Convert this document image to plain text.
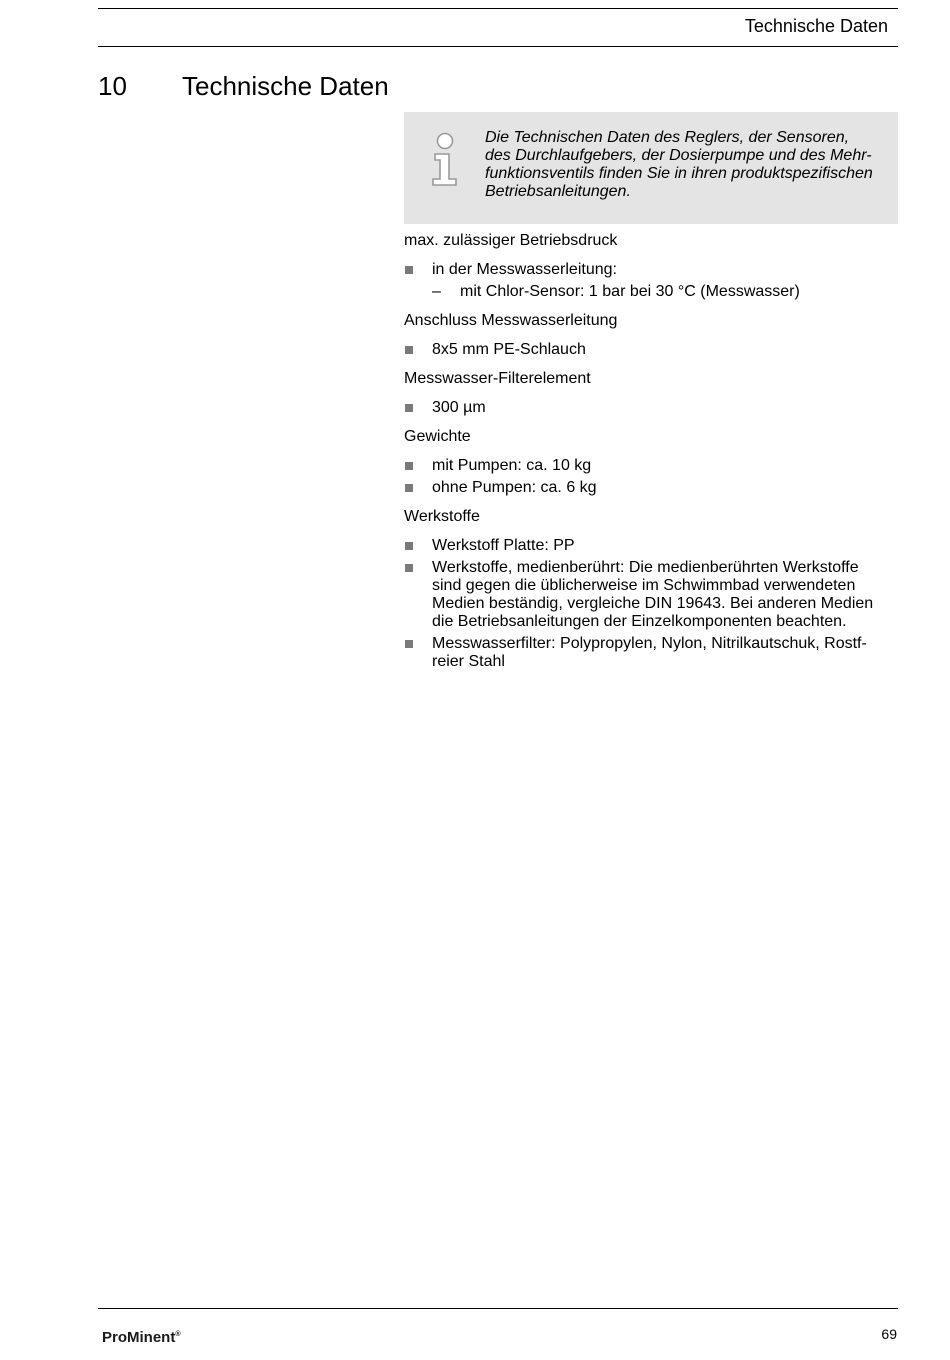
Technische Daten
10 Technische Daten
Die Technischen Daten des Reglers, der Sensoren,
des Durchlaufgebers, der Dosierpumpe und des Mehr-
funktionsventils finden Sie in ihren produktspezifischen
Betriebsanleitungen.

max. zulässiger Betriebsdruck

in der Messwasserleitung:
– mit Chlor-Sensor: 1 bar bei 30 °C (Messwasser)

Anschluss Messwasserleitung

8x5 mm PE-Schlauch

Messwasser-Filterelement

300 µm

Gewichte

mit Pumpen: ca. 10 kg
ohne Pumpen: ca. 6 kg

Werkstoffe

Werkstoff Platte: PP
Werkstoffe, medienberührt: Die medienberührten Werkstoffe
sind gegen die üblicherweise im Schwimmbad verwendeten
Medien beständig, vergleiche DIN 19643. Bei anderen Medien
die Betriebsanleitungen der Einzelkomponenten beachten.
Messwasserfilter: Polypropylen, Nylon, Nitrilkautschuk, Rostf-
reier Stahl
ProMinent®	69
